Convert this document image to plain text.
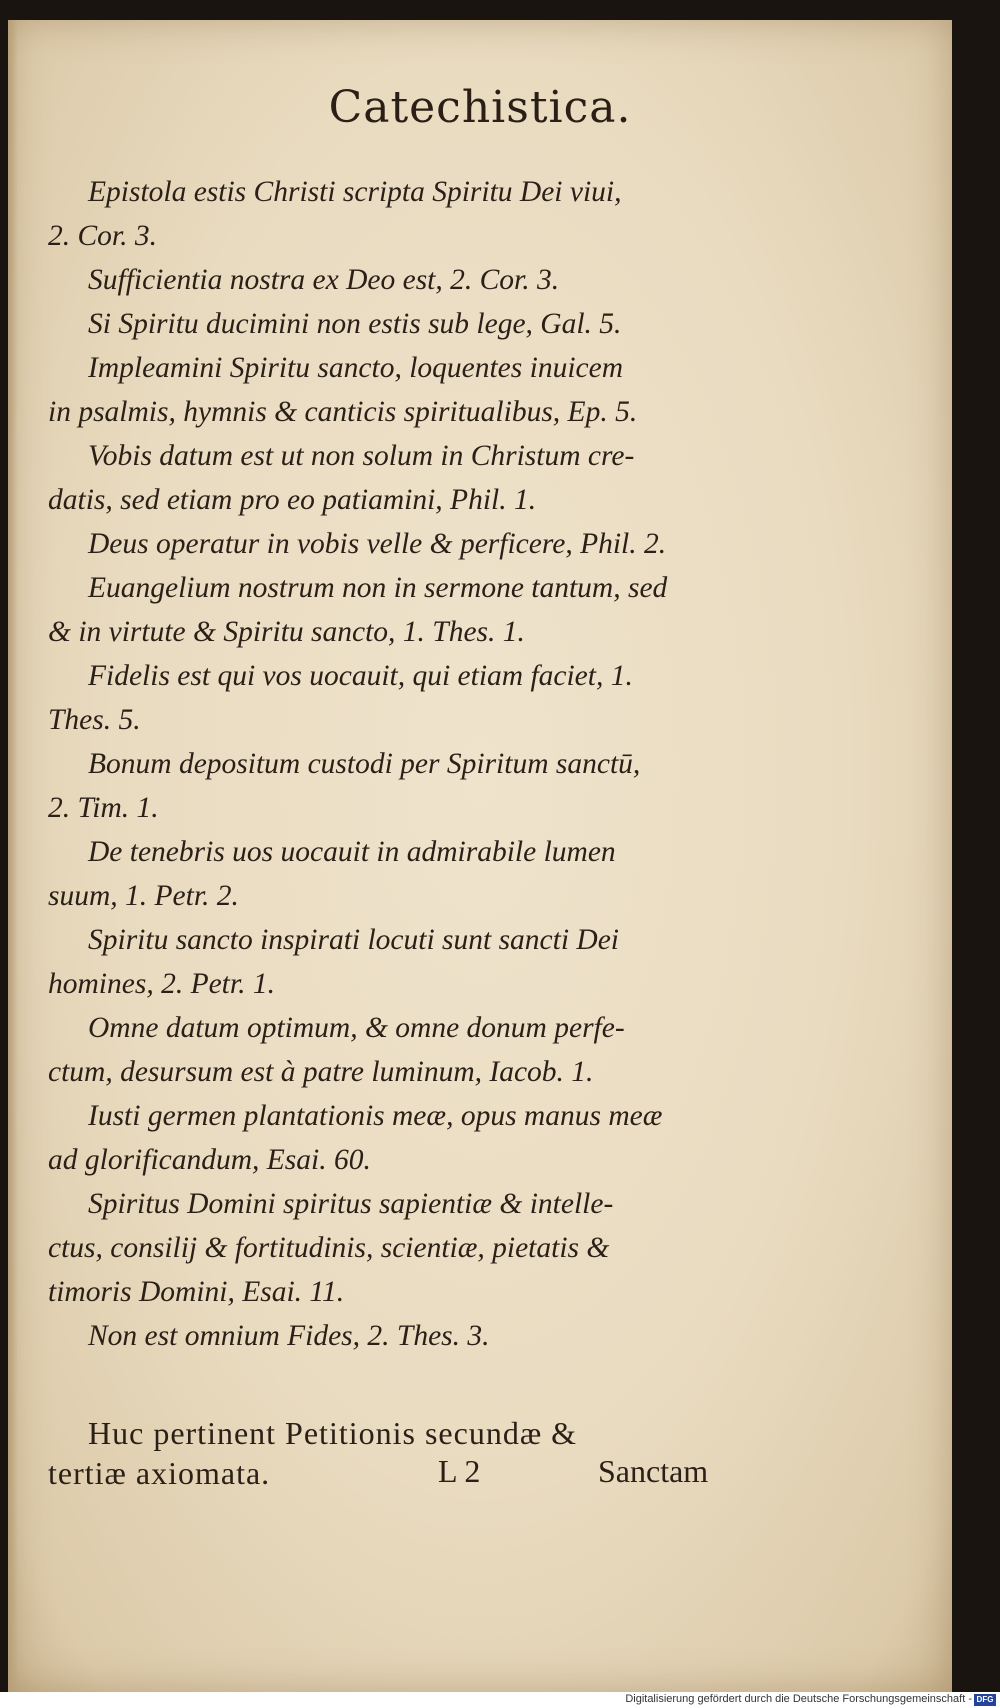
Catechistica.
Epistola estis Christi scripta Spiritu Dei viui,
2. Cor. 3.
Sufficientia nostra ex Deo est, 2. Cor. 3.
Si Spiritu ducimini non estis sub lege, Gal. 5.
Impleamini Spiritu sancto, loquentes inuicem
in psalmis, hymnis & canticis spiritualibus, Ep. 5.
Vobis datum est ut non solum in Christum cre-
datis, sed etiam pro eo patiamini, Phil. 1.
Deus operatur in vobis velle & perficere, Phil. 2.
Euangelium nostrum non in sermone tantum, sed
& in virtute & Spiritu sancto, 1. Thes. 1.
Fidelis est qui vos uocauit, qui etiam faciet, 1.
Thes. 5.
Bonum depositum custodi per Spiritum sanctū,
2. Tim. 1.
De tenebris uos uocauit in admirabile lumen
suum, 1. Petr. 2.
Spiritu sancto inspirati locuti sunt sancti Dei
homines, 2. Petr. 1.
Omne datum optimum, & omne donum perfe-
ctum, desursum est à patre luminum, Iacob. 1.
Iusti germen plantationis meæ, opus manus meæ
ad glorificandum, Esai. 60.
Spiritus Domini spiritus sapientiæ & intelle-
ctus, consilij & fortitudinis, scientiæ, pietatis &
timoris Domini, Esai. 11.
Non est omnium Fides, 2. Thes. 3.
Huc pertinent Petitionis secundæ &
tertiæ axiomata.	L 2	Sanctam
Digitalisierung gefördert durch die Deutsche Forschungsgemeinschaft - DFG
